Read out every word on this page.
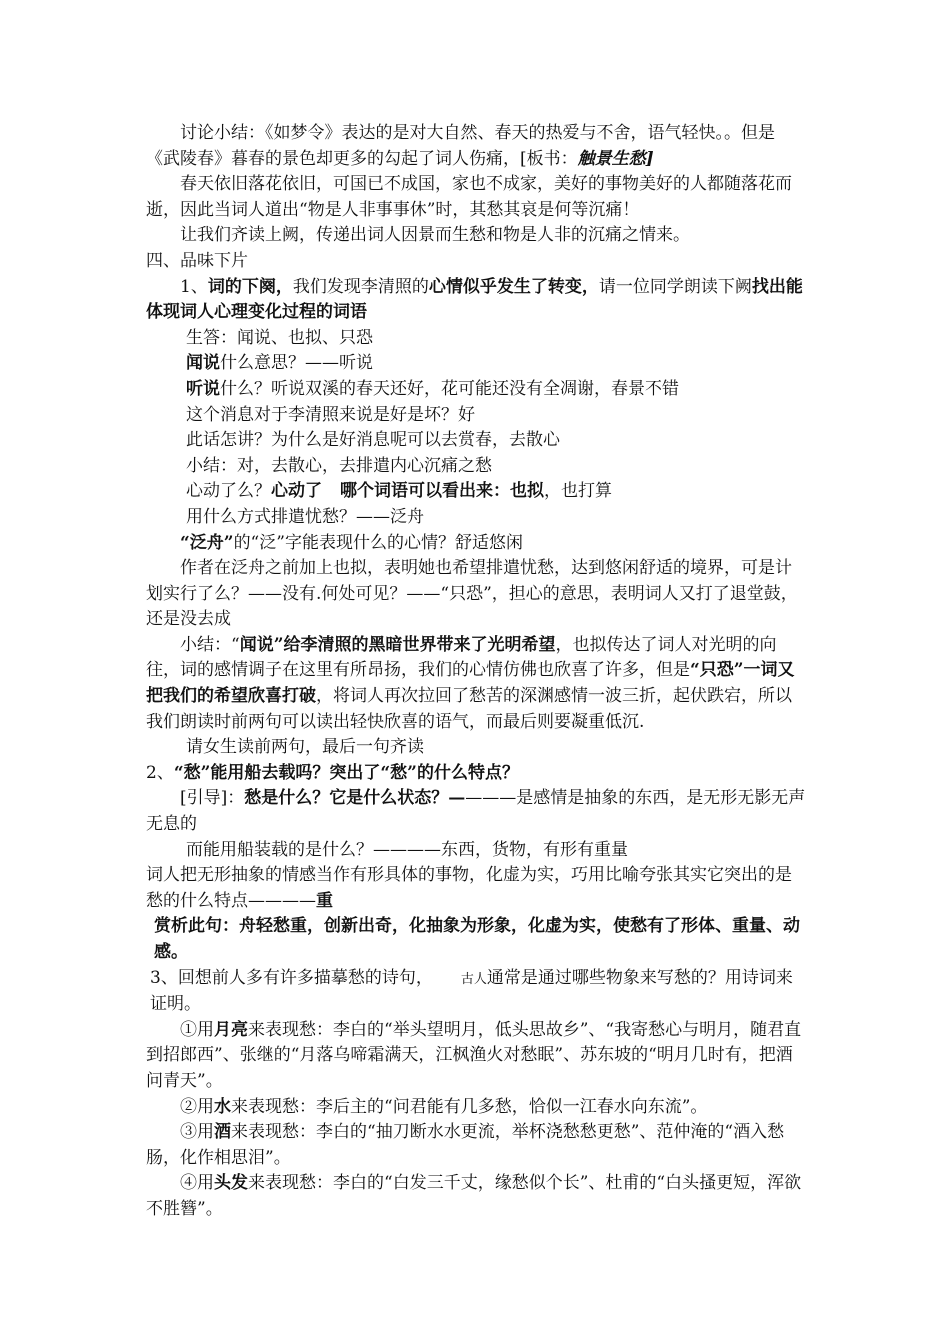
讨论小结：《如梦令》表达的是对大自然、春天的热爱与不舍，语气轻快。。但是《武陵春》暮春的景色却更多的勾起了词人伤痛，[板书：触景生愁]

春天依旧落花依旧，可国已不成国，家也不成家，美好的事物美好的人都随落花而逝，因此当词人道出“物是人非事事休”时，其愁其哀是何等沉痛！

让我们齐读上阙，传递出词人因景而生愁和物是人非的沉痛之情来。

四、品味下片

1、词的下阕，我们发现李清照的心情似乎发生了转变，请一位同学朗读下阙找出能体现词人心理变化过程的词语

生答：闻说、也拟、只恐

闻说什么意思？——听说

听说什么？听说双溪的春天还好，花可能还没有全凋谢，春景不错

这个消息对于李清照来说是好是坏？好

此话怎讲？为什么是好消息呢可以去赏春，去散心

小结：对，去散心，去排遣内心沉痛之愁

心动了么？心动了 哪个词语可以看出来：也拟，也打算

用什么方式排遣忧愁？——泛舟

“泛舟”的“泛”字能表现什么的心情？舒适悠闲

作者在泛舟之前加上也拟，表明她也希望排遣忧愁，达到悠闲舒适的境界，可是计划实行了么？——没有.何处可见？——“只恐”，担心的意思，表明词人又打了退堂鼓，还是没去成

小结：“闻说”给李清照的黑暗世界带来了光明希望，也拟传达了词人对光明的向往，词的感情调子在这里有所昂扬，我们的心情仿佛也欣喜了许多，但是“只恐”一词又把我们的希望欣喜打破，将词人再次拉回了愁苦的深渊感情一波三折，起伏跌宕，所以我们朗读时前两句可以读出轻快欣喜的语气，而最后则要凝重低沉.

请女生读前两句，最后一句齐读

2、“愁”能用船去载吗？突出了“愁”的什么特点？

[引导]：愁是什么？它是什么状态？————是感情是抽象的东西，是无形无影无声无息的

而能用船装载的是什么？————东西，货物，有形有重量

词人把无形抽象的情感当作有形具体的事物，化虚为实，巧用比喻夸张其实它突出的是愁的什么特点————重

赏析此句：舟轻愁重，创新出奇，化抽象为形象，化虚为实，使愁有了形体、重量、动感。

3、回想前人多有许多描摹愁的诗句， 古人通常是通过哪些物象来写愁的？用诗词来证明。

①用月亮来表现愁：李白的“举头望明月，低头思故乡”、“我寄愁心与明月，随君直到招郎西”、张继的“月落乌啼霜满天，江枫渔火对愁眠”、苏东坡的“明月几时有，把酒问青天”。

②用水来表现愁：李后主的“问君能有几多愁，恰似一江春水向东流”。

③用酒来表现愁：李白的“抽刀断水水更流，举杯浇愁愁更愁”、范仲淹的“酒入愁肠，化作相思泪”。

④用头发来表现愁：李白的“白发三千丈，缘愁似个长”、杜甫的“白头搔更短，浑欲不胜簪”。
